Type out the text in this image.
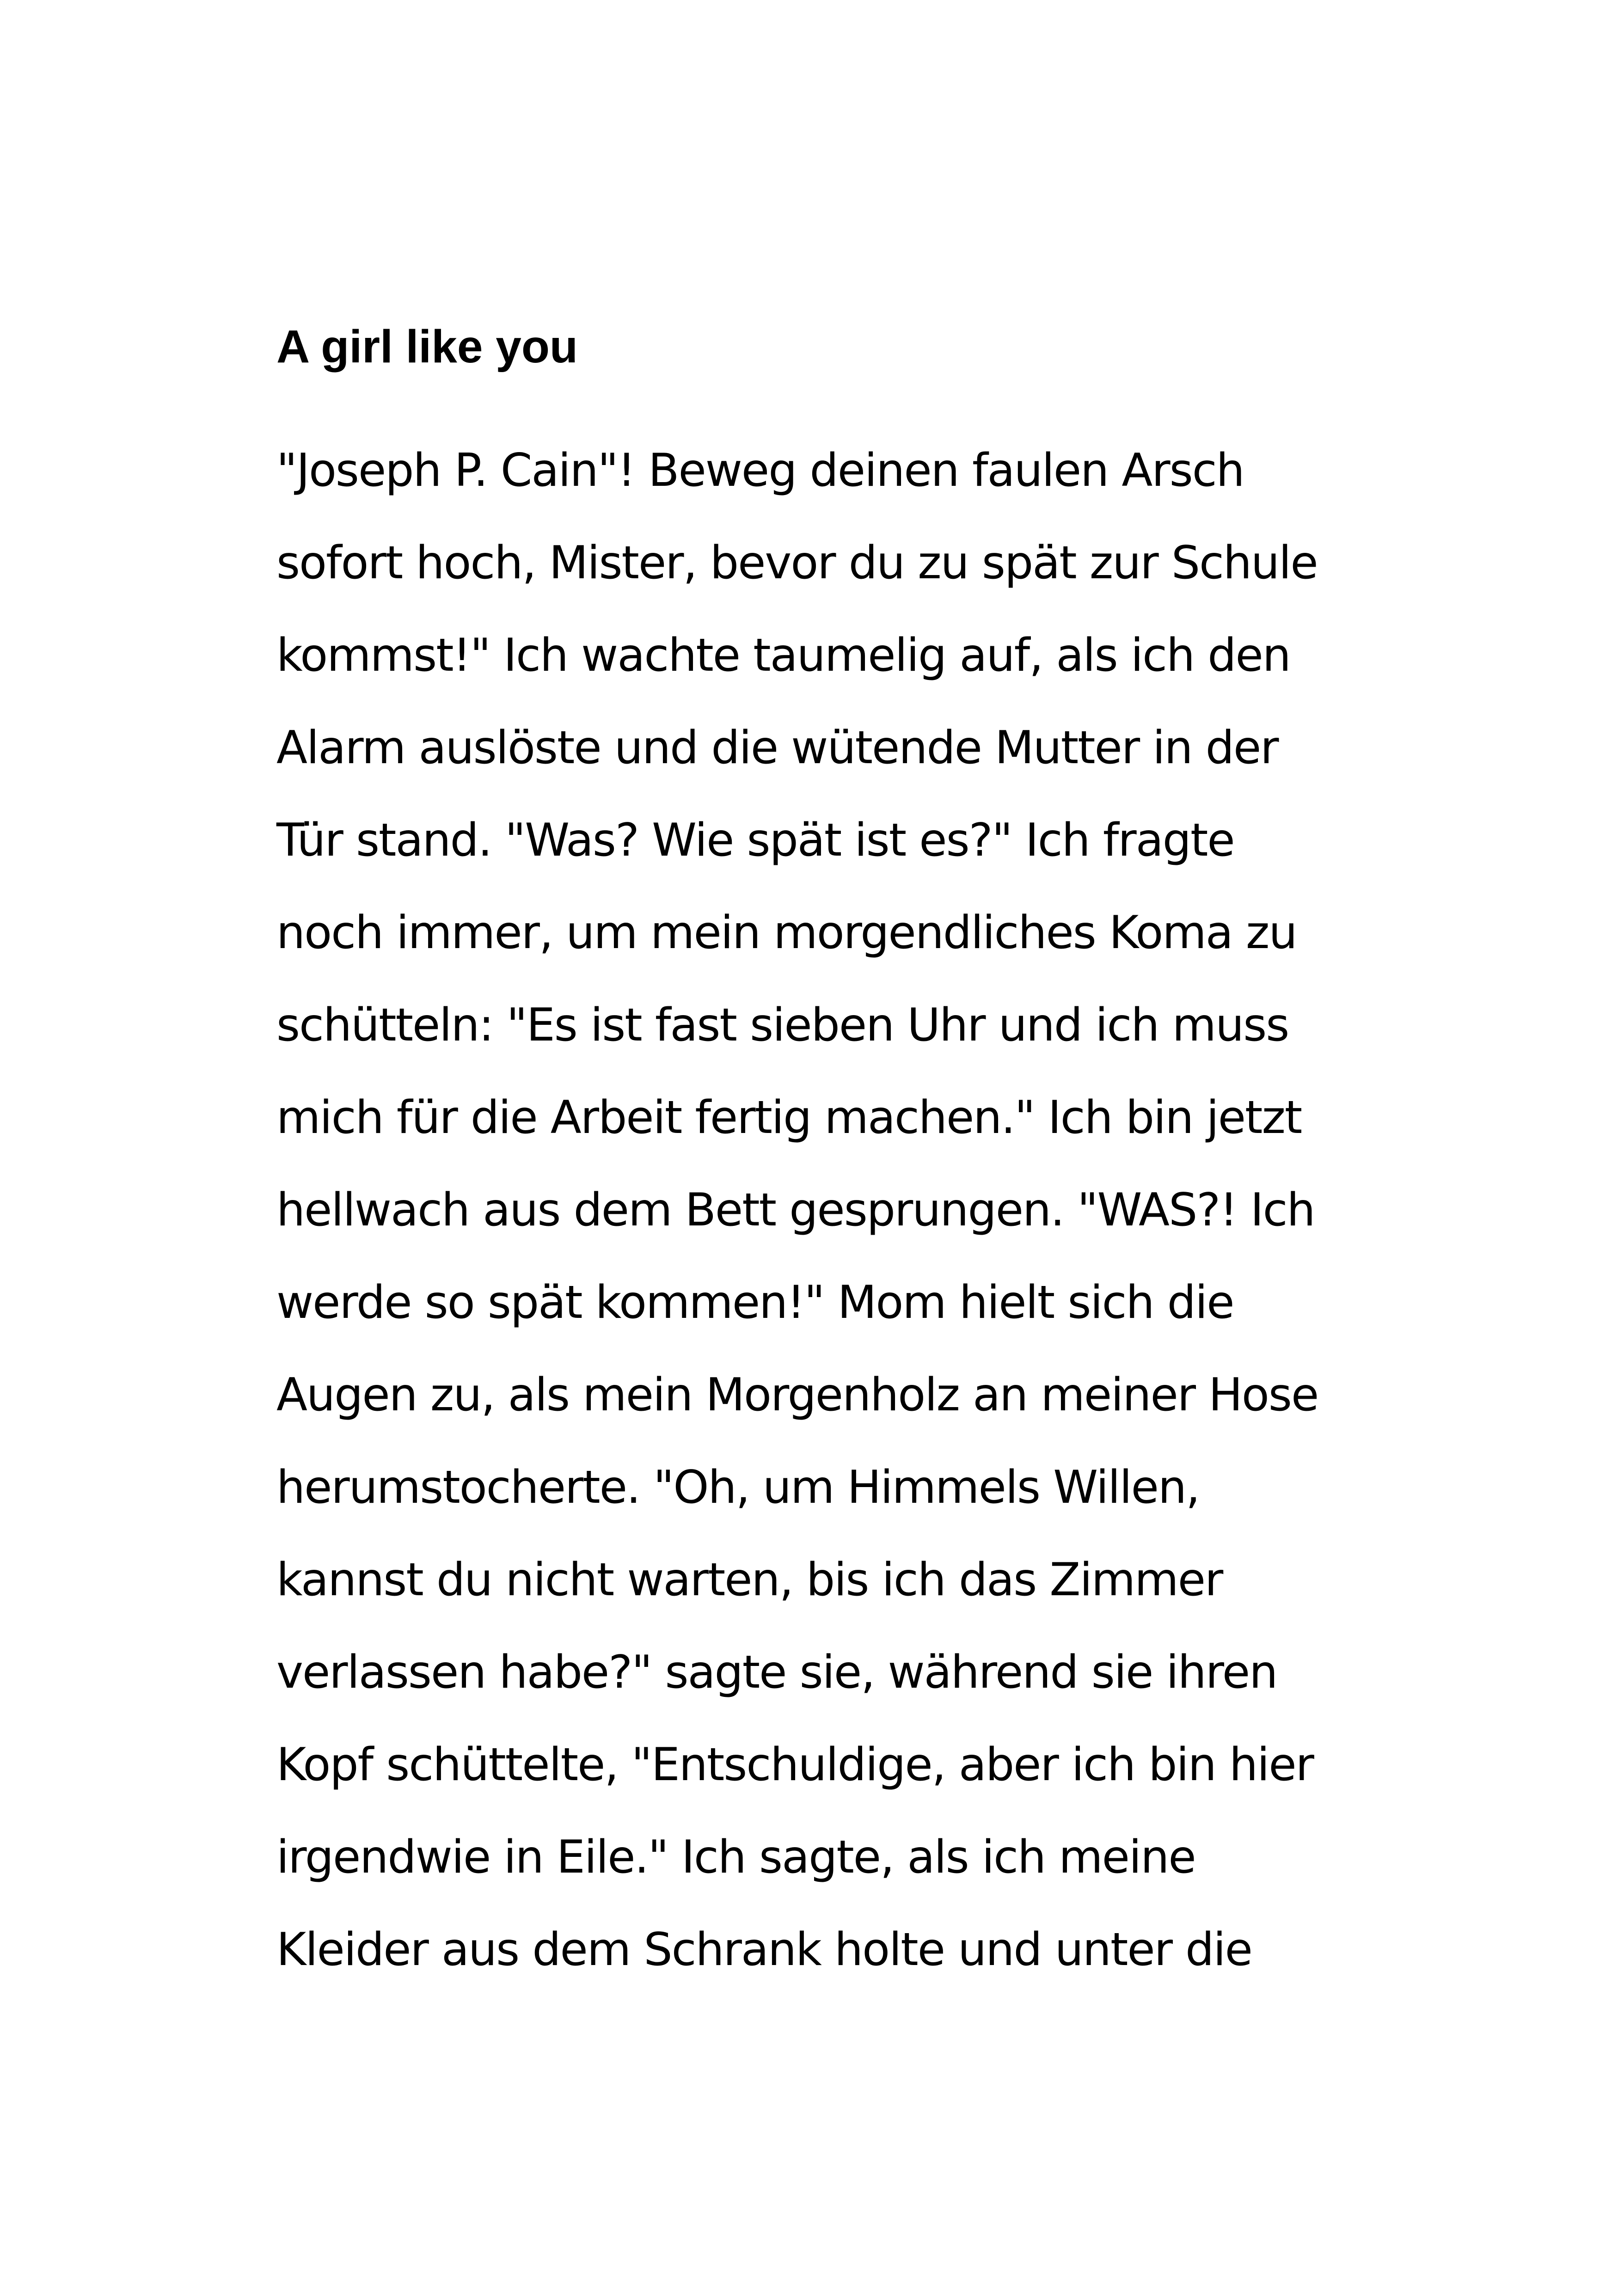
A girl like you
"Joseph P. Cain"! Beweg deinen faulen Arsch
sofort hoch, Mister, bevor du zu spät zur Schule
kommst!" Ich wachte taumelig auf, als ich den
Alarm auslöste und die wütende Mutter in der
Tür stand. "Was? Wie spät ist es?" Ich fragte
noch immer, um mein morgendliches Koma zu
schütteln: "Es ist fast sieben Uhr und ich muss
mich für die Arbeit fertig machen." Ich bin jetzt
hellwach aus dem Bett gesprungen. "WAS?! Ich
werde so spät kommen!" Mom hielt sich die
Augen zu, als mein Morgenholz an meiner Hose
herumstocherte. "Oh, um Himmels Willen,
kannst du nicht warten, bis ich das Zimmer
verlassen habe?" sagte sie, während sie ihren
Kopf schüttelte, "Entschuldige, aber ich bin hier
irgendwie in Eile." Ich sagte, als ich meine
Kleider aus dem Schrank holte und unter die
